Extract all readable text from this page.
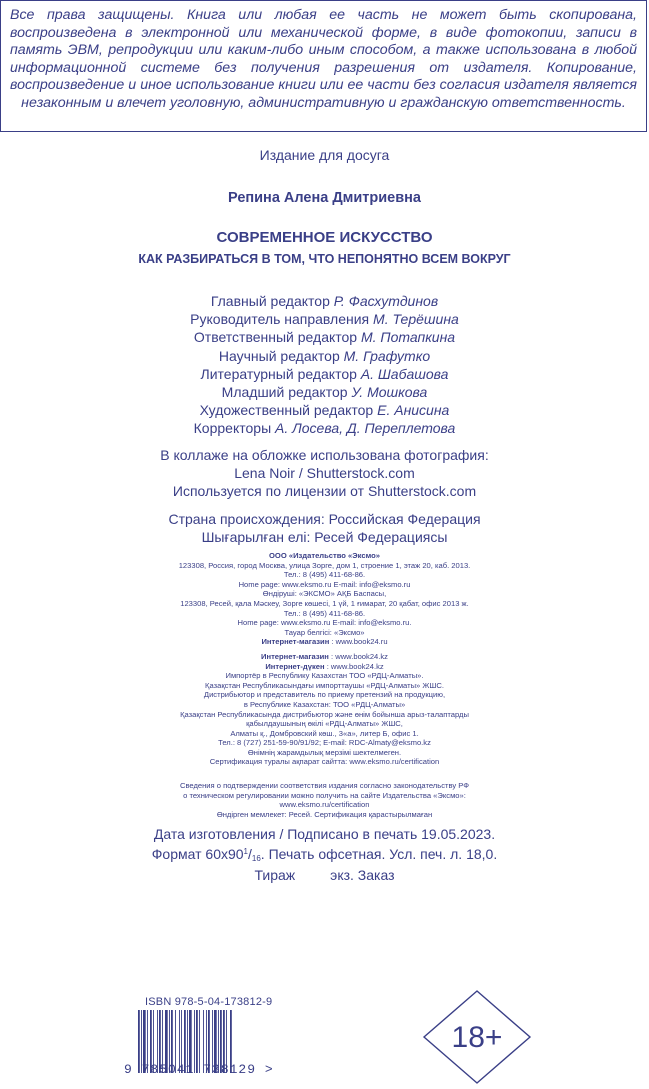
Все права защищены. Книга или любая ее часть не может быть скопирована, воспроизведена в электронной или механической форме, в виде фотокопии, записи в память ЭВМ, репродукции или каким-либо иным способом, а также использована в любой информационной системе без получения разрешения от издателя. Копирование, воспроизведение и иное использование книги или ее части без согласия издателя является незаконным и влечет уголовную, административную и гражданскую ответственность.
Издание для досуга
Репина Алена Дмитриевна
СОВРЕМЕННОЕ ИСКУССТВО
КАК РАЗБИРАТЬСЯ В ТОМ, ЧТО НЕПОНЯТНО ВСЕМ ВОКРУГ
Главный редактор Р. Фасхутдинов
Руководитель направления М. Терёшина
Ответственный редактор М. Потапкина
Научный редактор М. Графутко
Литературный редактор А. Шабашова
Младший редактор У. Мошкова
Художественный редактор Е. Анисина
Корректоры А. Лосева, Д. Переплетова
В коллаже на обложке использована фотография:
Lena Noir / Shutterstock.com
Используется по лицензии от Shutterstock.com
Страна происхождения: Российская Федерация
Шығарылған елі: Ресей Федерациясы
ООО «Издательство «Эксмо»
123308, Россия, город Москва, улица Зорге, дом 1, строение 1, этаж 20, каб. 2013.
Тел.: 8 (495) 411-68-86.
Home page: www.eksmo.ru E-mail: info@eksmo.ru
Өндіруші: «ЭКСМО» АҚБ Баспасы,
123308, Ресей, қала Мәскеу, Зорге көшесі, 1 үй, 1 ғимарат, 20 қабат, офис 2013 ж.
Тел.: 8 (495) 411-68-86.
Home page: www.eksmo.ru E-mail: info@eksmo.ru.
Тауар белгісі: «Эксмо»
Интернет-магазин : www.book24.ru
Интернет-магазин : www.book24.kz
Интернет-дүкен : www.book24.kz
Импортёр в Республику Казахстан ТОО «РДЦ-Алматы».
Қазақстан Республикасындағы импорттаушы «РДЦ-Алматы» ЖШС.
Дистрибьютор и представитель по приему претензий на продукцию,
в Республике Казахстан: ТОО «РДЦ-Алматы»
Қазақстан Республикасында дистрибьютор және өнім бойынша арыз-талаптарды
қабылдаушының өкілі «РДЦ-Алматы» ЖШС,
Алматы қ., Домбровский көш., 3«а», литер Б, офис 1.
Тел.: 8 (727) 251-59-90/91/92; E-mail: RDC-Almaty@eksmo.kz
Өнімнің жарамдылық мерзімі шектелмеген.
Сертификация туралы ақпарат сайтта: www.eksmo.ru/certification
Сведения о подтверждении соответствия издания согласно законодательству РФ
о техническом регулировании можно получить на сайте Издательства «Эксмо»:
www.eksmo.ru/certification
Өндірген мемлекет: Ресей. Сертификация қарастырылмаған
Дата изготовления / Подписано в печать 19.05.2023.
Формат $60х90^1/_{16}$. Печать офсетная. Усл. печ. л. 18,0.
Тираж         экз. Заказ
ISBN 978-5-04-173812-9
9 785041 738129 >
18+
